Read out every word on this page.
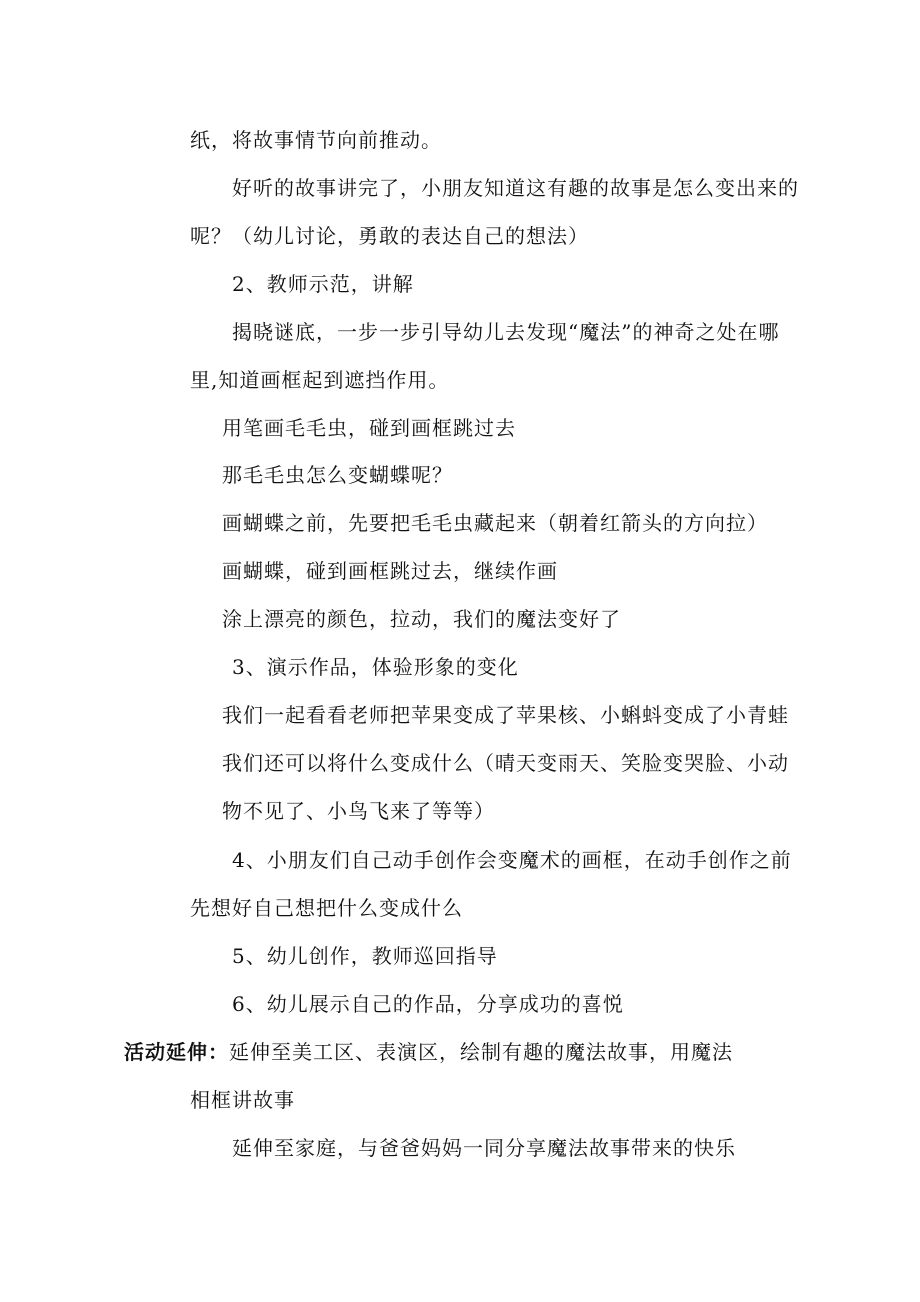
纸，将故事情节向前推动。
好听的故事讲完了，小朋友知道这有趣的故事是怎么变出来的
呢？（幼儿讨论，勇敢的表达自己的想法）
2、教师示范，讲解
揭晓谜底，一步一步引导幼儿去发现“魔法”的神奇之处在哪
里,知道画框起到遮挡作用。
用笔画毛毛虫，碰到画框跳过去
那毛毛虫怎么变蝴蝶呢？
画蝴蝶之前，先要把毛毛虫藏起来（朝着红箭头的方向拉）
画蝴蝶，碰到画框跳过去，继续作画
涂上漂亮的颜色，拉动，我们的魔法变好了
3、演示作品，体验形象的变化
我们一起看看老师把苹果变成了苹果核、小蝌蚪变成了小青蛙
我们还可以将什么变成什么（晴天变雨天、笑脸变哭脸、小动
物不见了、小鸟飞来了等等）
4、小朋友们自己动手创作会变魔术的画框，在动手创作之前
先想好自己想把什么变成什么
5、幼儿创作，教师巡回指导
6、幼儿展示自己的作品，分享成功的喜悦
活动延伸：延伸至美工区、表演区，绘制有趣的魔法故事，用魔法
相框讲故事
延伸至家庭，与爸爸妈妈一同分享魔法故事带来的快乐
